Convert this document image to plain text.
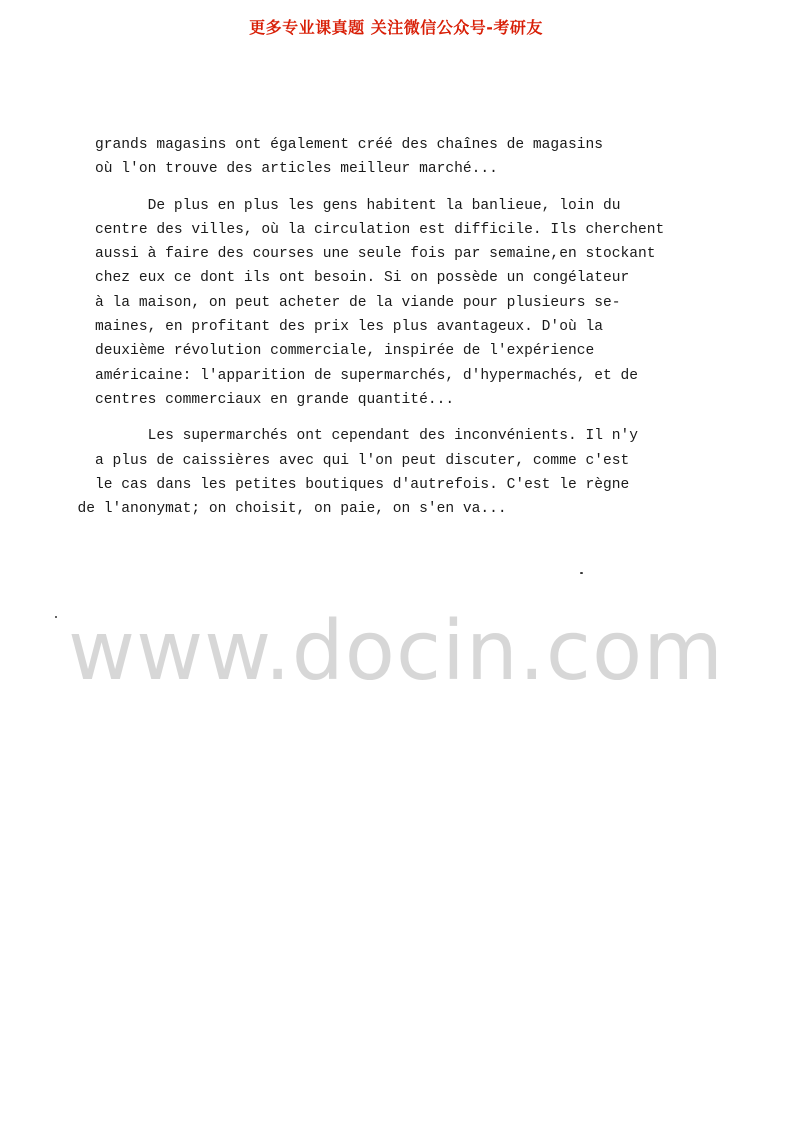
更多专业课真题 关注微信公众号-考研友
grands magasins ont également créé des chaînes de magasins
où l'on trouve des articles meilleur marché...
De plus en plus les gens habitent la banlieue, loin du
centre des villes, où la circulation est difficile. Ils cherchent
aussi à faire des courses une seule fois par semaine,en stockant
chez eux ce dont ils ont besoin. Si on possède un congélateur
à la maison, on peut acheter de la viande pour plusieurs se-
maines, en profitant des prix les plus avantageux. D'où la
deuxième révolution commerciale, inspirée de l'expérience
américaine: l'apparition de supermarchés, d'hypermachés, et de
centres commerciaux en grande quantité...
Les supermarchés ont cependant des inconvénients. Il n'y
a plus de caissières avec qui l'on peut discuter, comme c'est
le cas dans les petites boutiques d'autrefois. C'est le règne
de l'anonymat; on choisit, on paie, on s'en va...
www.docin.com
